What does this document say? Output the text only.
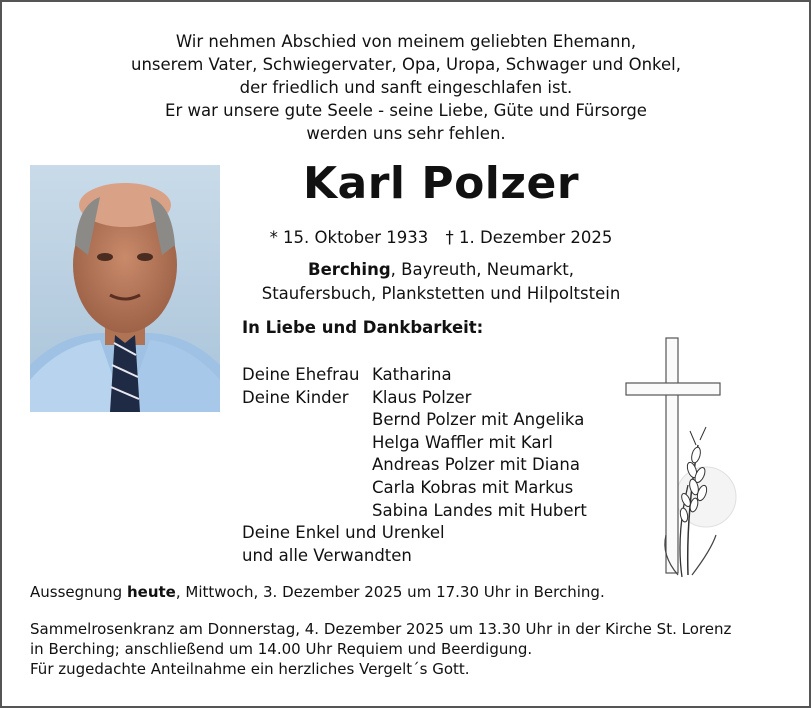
Wir nehmen Abschied von meinem geliebten Ehemann,
unserem Vater, Schwiegervater, Opa, Uropa, Schwager und Onkel,
der friedlich und sanft eingeschlafen ist.
Er war unsere gute Seele - seine Liebe, Güte und Fürsorge
werden uns sehr fehlen.
Karl Polzer
* 15. Oktober 1933 † 1. Dezember 2025
Berching, Bayreuth, Neumarkt,
Staufersbuch, Plankstetten und Hilpoltstein
In Liebe und Dankbarkeit:
Deine Ehefrau Katharina
Deine Kinder	Klaus Polzer
Bernd Polzer mit Angelika
Helga Waffler mit Karl
Andreas Polzer mit Diana
Carla Kobras mit Markus
Sabina Landes mit Hubert
Deine Enkel und Urenkel
und alle Verwandten
Aussegnung heute, Mittwoch, 3. Dezember 2025 um 17.30 Uhr in Berching.
Sammelrosenkranz am Donnerstag, 4. Dezember 2025 um 13.30 Uhr in der Kirche St. Lorenz
in Berching; anschließend um 14.00 Uhr Requiem und Beerdigung.
Für zugedachte Anteilnahme ein herzliches Vergelt´s Gott.
